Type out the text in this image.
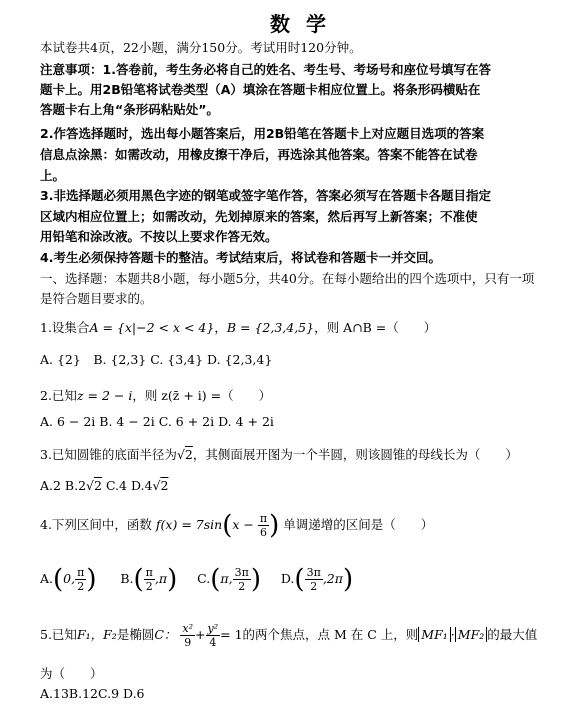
数学
本试卷共4页，22小题，满分150分。考试用时120分钟。
注意事项：1.答卷前，考生务必将自己的姓名、考生号、考场号和座位号填写在答
题卡上。用2B铅笔将试卷类型（A）填涂在答题卡相应位置上。将条形码横贴在
答题卡右上角“条形码粘贴处”。
2.作答选择题时，选出每小题答案后，用2B铅笔在答题卡上对应题目选项的答案
信息点涂黑：如需改动，用橡皮擦干净后，再选涂其他答案。答案不能答在试卷
上。
3.非选择题必须用黑色字迹的钢笔或签字笔作答，答案必须写在答题卡各题目指定
区域内相应位置上；如需改动，先划掉原来的答案，然后再写上新答案；不准使
用铅笔和涂改液。不按以上要求作答无效。
4.考生必须保持答题卡的整洁。考试结束后，将试卷和答题卡一并交回。
一、选择题：本题共8小题，每小题5分，共40分。在每小题给出的四个选项中，只有一项
是符合题目要求的。
1.设集合A = {x|−2 < x < 4}，B = {2,3,4,5}，则 A∩B =（　　）
A. {2}　B. {2,3} C. {3,4} D. {2,3,4}
2.已知z = 2 − i，则 z(z̄ + i) =（　　）
A. 6 − 2i B. 4 − 2i C. 6 + 2i D. 4 + 2i
3.已知圆锥的底面半径为√2，其侧面展开图为一个半圆，则该圆锥的母线长为（　　）
A.2 B.2√2 C.4 D.4√2
4.下列区间中，函数 $f(x) = 7\sin(x - \frac{\pi}{6}$ ) 单调递增的区间是（　　）
A.(0, $\frac{\pi}{2}$ ) $B.( \frac{\pi}{2} ,\pi)$ C.(π, $\frac{3\pi}{2}$ ) $D.( \frac{3\pi}{2} ,2\pi)$
5.已知F₁，F₂是椭圆C： $\frac{\text{x²}}{9} + \frac{\text{y²}}{4} = 1$的两个焦点，点 M 在 C 上，则 MF₁ · MF₂ 的最大值
为（　　）
A.13B.12C.9 D.6
